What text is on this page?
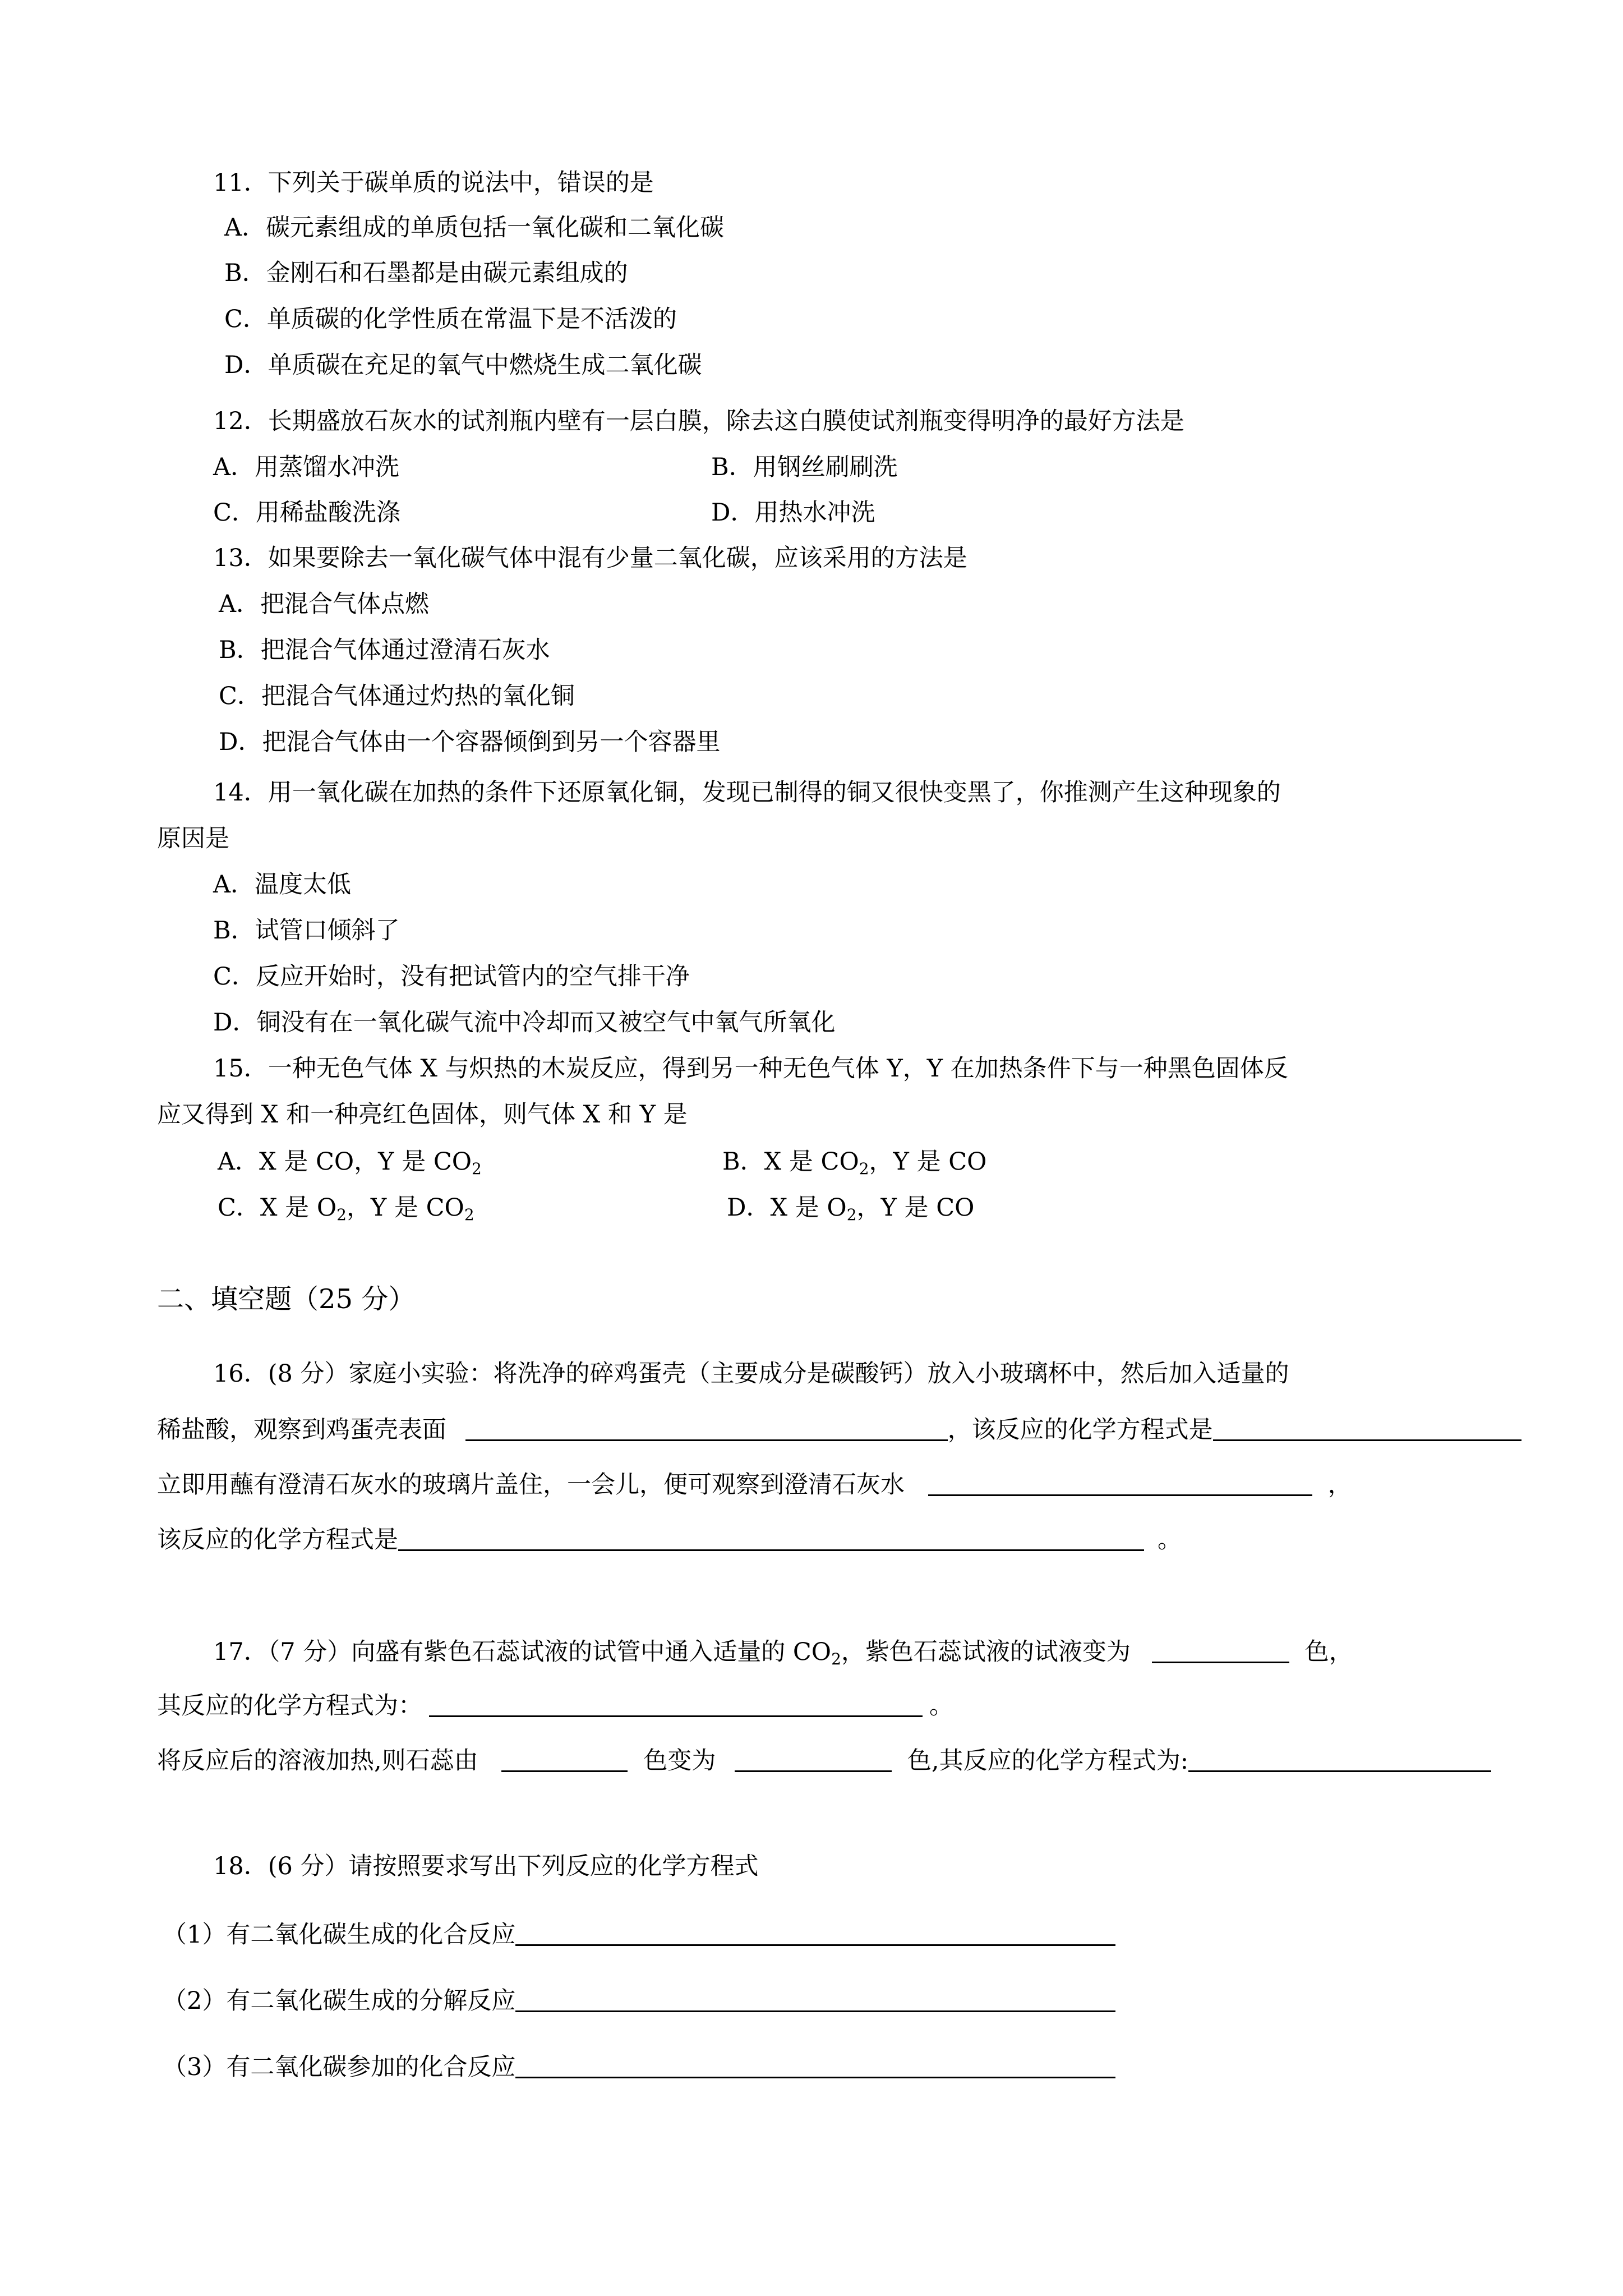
11．下列关于碳单质的说法中，错误的是
A．碳元素组成的单质包括一氧化碳和二氧化碳
B．金刚石和石墨都是由碳元素组成的
C．单质碳的化学性质在常温下是不活泼的
D．单质碳在充足的氧气中燃烧生成二氧化碳
12．长期盛放石灰水的试剂瓶内壁有一层白膜，除去这白膜使试剂瓶变得明净的最好方法是
A．用蒸馏水冲洗	B．用钢丝刷刷洗
C．用稀盐酸洗涤	D．用热水冲洗
13．如果要除去一氧化碳气体中混有少量二氧化碳，应该采用的方法是
A．把混合气体点燃
B．把混合气体通过澄清石灰水
C．把混合气体通过灼热的氧化铜
D．把混合气体由一个容器倾倒到另一个容器里
14．用一氧化碳在加热的条件下还原氧化铜，发现已制得的铜又很快变黑了，你推测产生这种现象的
原因是
A．温度太低
B．试管口倾斜了
C．反应开始时，没有把试管内的空气排干净
D．铜没有在一氧化碳气流中冷却而又被空气中氧气所氧化
15．一种无色气体 X 与炽热的木炭反应，得到另一种无色气体 Y，Y 在加热条件下与一种黑色固体反
应又得到 X 和一种亮红色固体，则气体 X 和 Y 是
A．X 是 CO，Y 是 $CO_2$	B．X 是 $CO_2$，Y 是 CO
C．X 是 $O_2$，Y 是 $CO_2$	D．X 是 $O_2$，Y 是 CO
二、填空题（25 分）
16．(8 分）家庭小实验：将洗净的碎鸡蛋壳（主要成分是碳酸钙）放入小玻璃杯中，然后加入适量的
稀盐酸，观察到鸡蛋壳表面	，该反应的化学方程式是
立即用蘸有澄清石灰水的玻璃片盖住，一会儿，便可观察到澄清石灰水	，
该反应的化学方程式是	。
17．（7 分）向盛有紫色石蕊试液的试管中通入适量的 $CO_2$，紫色石蕊试液的试液变为	色，
其反应的化学方程式为：	。
将反应后的溶液加热,则石蕊由	色变为	色,其反应的化学方程式为:
18．(6 分）请按照要求写出下列反应的化学方程式
（1）有二氧化碳生成的化合反应
（2）有二氧化碳生成的分解反应
（3）有二氧化碳参加的化合反应
